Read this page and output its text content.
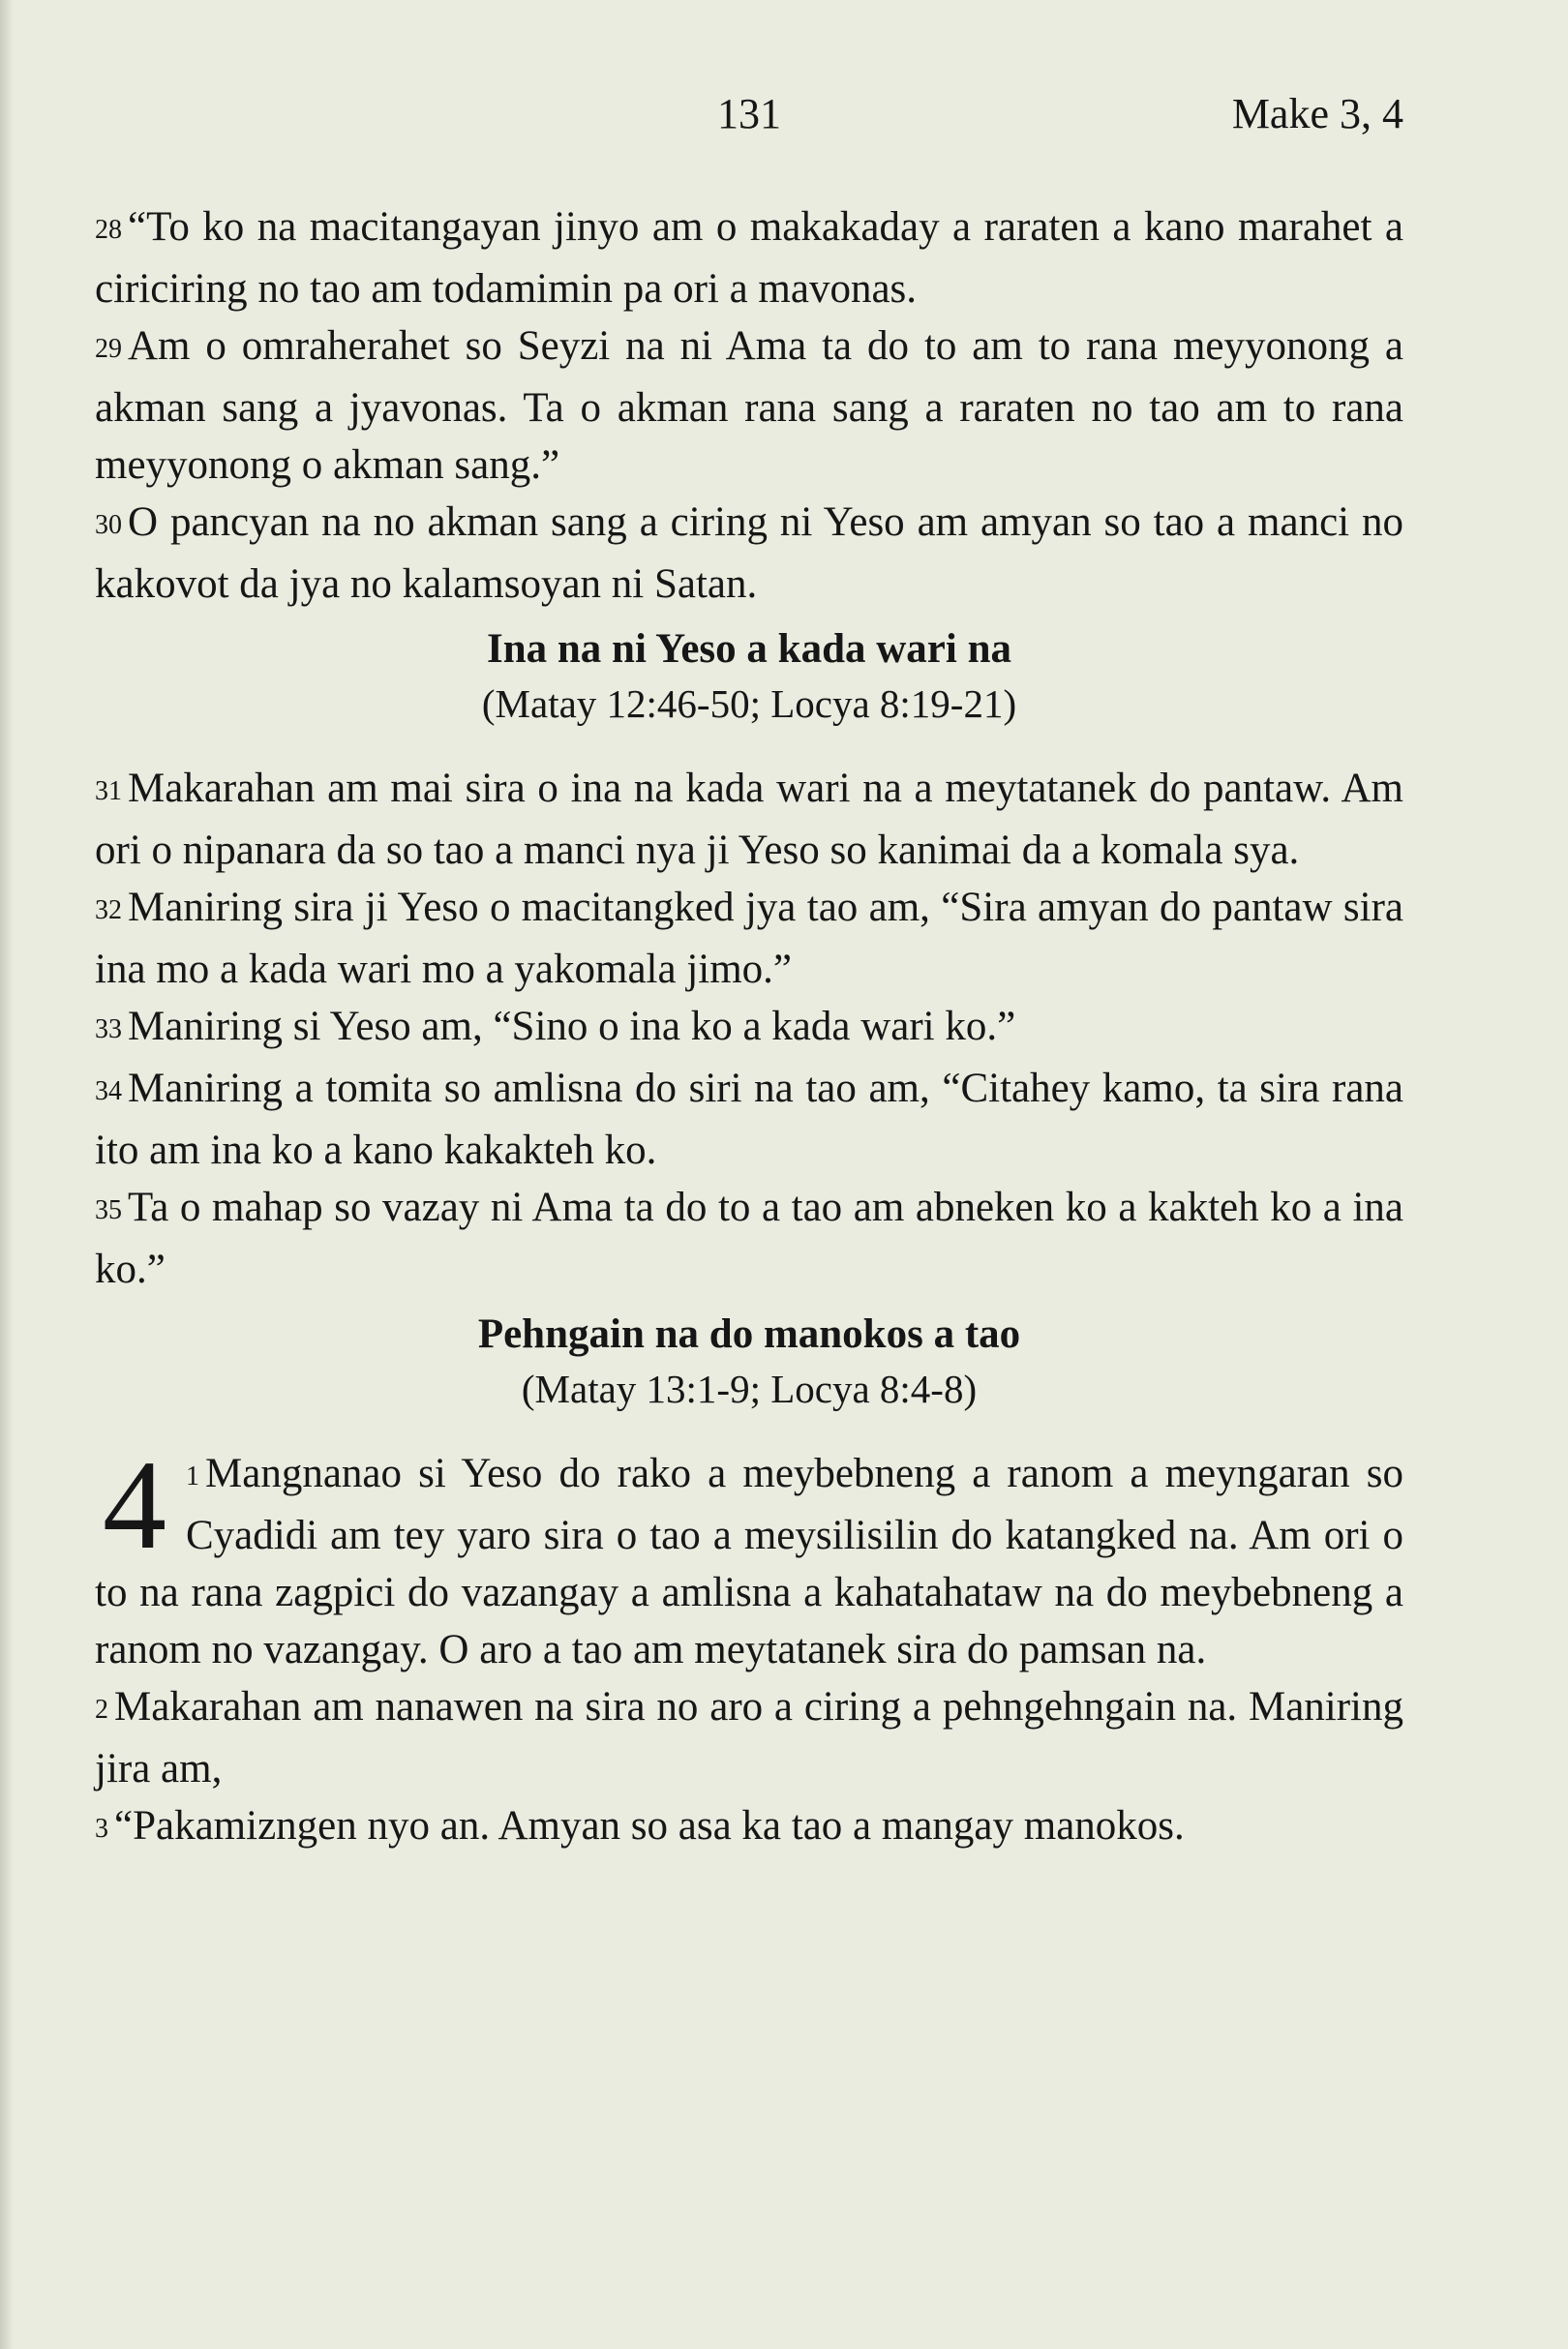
131	Make 3, 4

28 “To ko na macitangayan jinyo am o makakaday a raraten a kano marahet a ciriciring no tao am todamimin pa ori a mavonas.

29 Am o omraherahet so Seyzi na ni Ama ta do to am to rana meyyonong a akman sang a jyavonas. Ta o akman rana sang a raraten no tao am to rana meyyonong o akman sang.”

30 O pancyan na no akman sang a ciring ni Yeso am amyan so tao a manci no kakovot da jya no kalamsoyan ni Satan.

Ina na ni Yeso a kada wari na
(Matay 12:46-50; Locya 8:19-21)

31 Makarahan am mai sira o ina na kada wari na a meytatanek do pantaw. Am ori o nipanara da so tao a manci nya ji Yeso so kanimai da a komala sya.

32 Maniring sira ji Yeso o macitangked jya tao am, “Sira amyan do pantaw sira ina mo a kada wari mo a yakomala jimo.”

33 Maniring si Yeso am, “Sino o ina ko a kada wari ko.”

34 Maniring a tomita so amlisna do siri na tao am, “Citahey kamo, ta sira rana ito am ina ko a kano kakakteh ko.

35 Ta o mahap so vazay ni Ama ta do to a tao am abneken ko a kakteh ko a ina ko.”

Pehngain na do manokos a tao
(Matay 13:1-9; Locya 8:4-8)

4 1 Mangnanao si Yeso do rako a meybebneng a ranom a meyngaran so Cyadidi am tey yaro sira o tao a meysilisilin do katangked na. Am ori o to na rana zagpici do vazangay a amlisna a kahatahataw na do meybebneng a ranom no vazangay. O aro a tao am meytatanek sira do pamsan na.

2 Makarahan am nanawen na sira no aro a ciring a pehngehngain na. Maniring jira am,

3 “Pakamizngen nyo an. Amyan so asa ka tao a mangay manokos.
